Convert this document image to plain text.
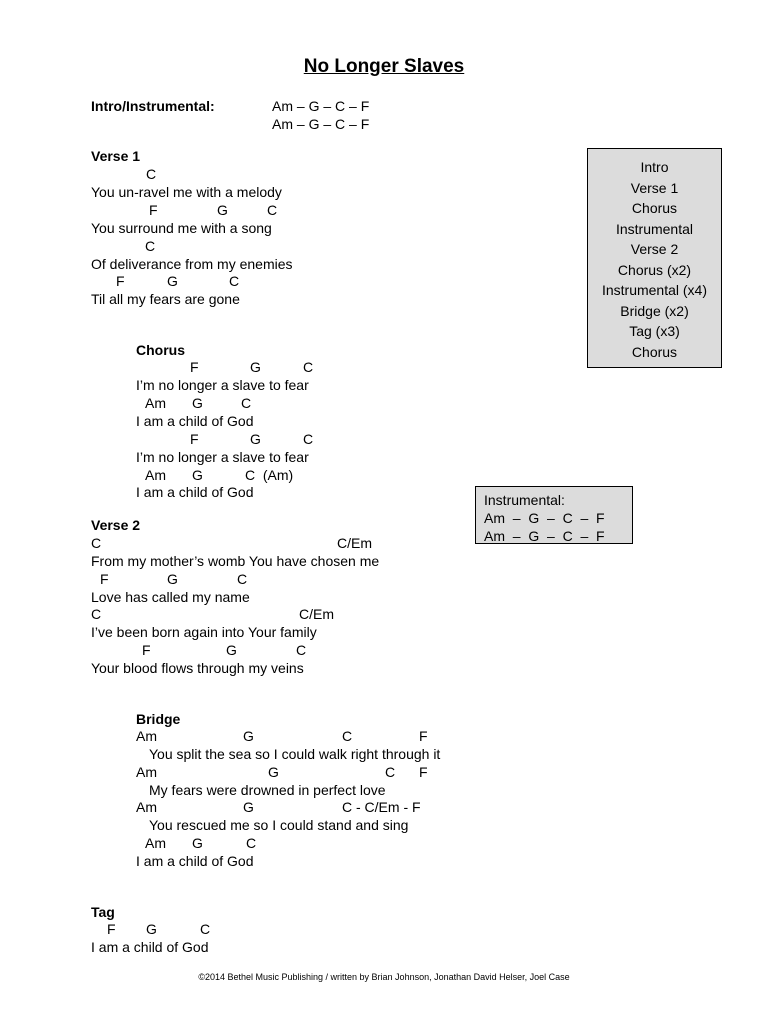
No Longer Slaves
Intro/Instrumental:	Am – G – C – F
Am – G – C – F
Verse 1
C
You un-ravel me with a melody
F	G	C
You surround me with a song
C
Of deliverance from my enemies
F	G	C
Til all my fears are gone
Chorus
F	G	C
I’m no longer a slave to fear
Am G	C
I am a child of God
F	G	C
I’m no longer a slave to fear
Am G	C  (Am)
I am a child of God
Verse 2
C	C/Em
From my mother’s womb You have chosen me
F	G	C
Love has called my name
C	C/Em
I’ve been born again into Your family
F	G	C
Your blood flows through my veins
Bridge
Am	G	C	F
You split the sea so I could walk right through it
Am	G	C F
My fears were drowned in perfect love
Am	G	C - C/Em - F
You rescued me so I could stand and sing
Am G	C
I am a child of God
Tag
F G	C
I am a child of God
Intro
Verse 1
Chorus
Instrumental
Verse 2
Chorus (x2)
Instrumental (x4)
Bridge (x2)
Tag (x3)
Chorus
Instrumental:
Am  –  G  –  C  –  F
Am  –  G  –  C  –  F
©2014 Bethel Music Publishing / written by Brian Johnson, Jonathan David Helser, Joel Case
